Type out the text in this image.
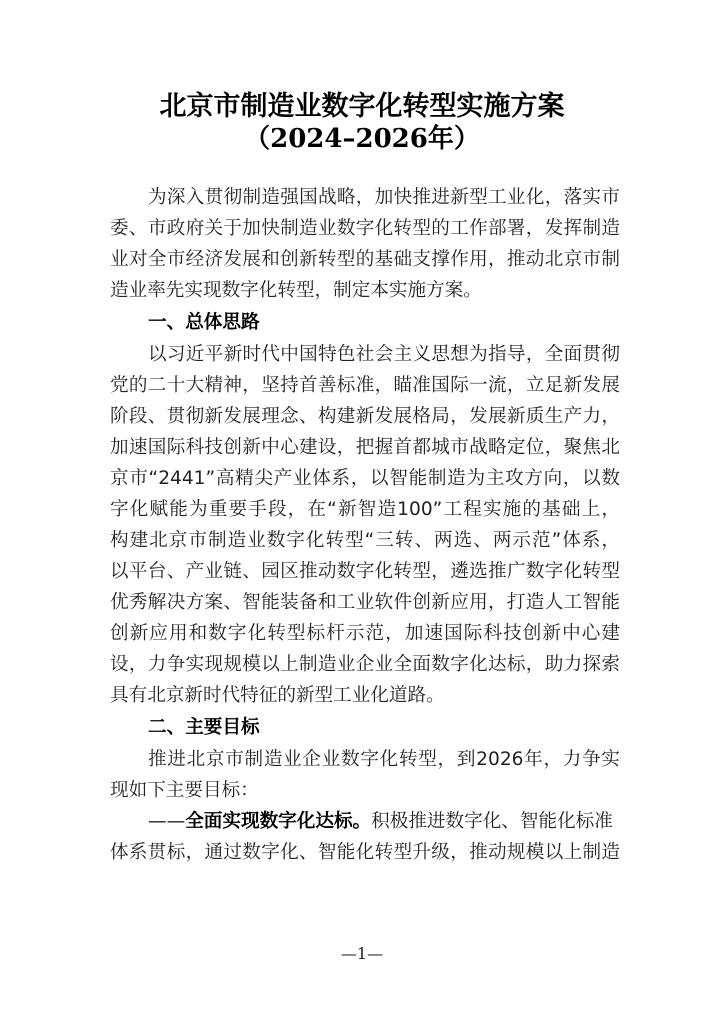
北京市制造业数字化转型实施方案
（2024–2026年）
为深入贯彻制造强国战略，加快推进新型工业化，落实市
委、市政府关于加快制造业数字化转型的工作部署，发挥制造
业对全市经济发展和创新转型的基础支撑作用，推动北京市制
造业率先实现数字化转型，制定本实施方案。
一、总体思路
以习近平新时代中国特色社会主义思想为指导，全面贯彻
党的二十大精神，坚持首善标准，瞄准国际一流，立足新发展
阶段、贯彻新发展理念、构建新发展格局，发展新质生产力，
加速国际科技创新中心建设，把握首都城市战略定位，聚焦北
京市“2441”高精尖产业体系，以智能制造为主攻方向，以数
字化赋能为重要手段，在“新智造100”工程实施的基础上，
构建北京市制造业数字化转型“三转、两选、两示范”体系，
以平台、产业链、园区推动数字化转型，遴选推广数字化转型
优秀解决方案、智能装备和工业软件创新应用，打造人工智能
创新应用和数字化转型标杆示范，加速国际科技创新中心建
设，力争实现规模以上制造业企业全面数字化达标，助力探索
具有北京新时代特征的新型工业化道路。
二、主要目标
推进北京市制造业企业数字化转型，到2026年，力争实
现如下主要目标：
——全面实现数字化达标。积极推进数字化、智能化标准
体系贯标，通过数字化、智能化转型升级，推动规模以上制造
—1—
